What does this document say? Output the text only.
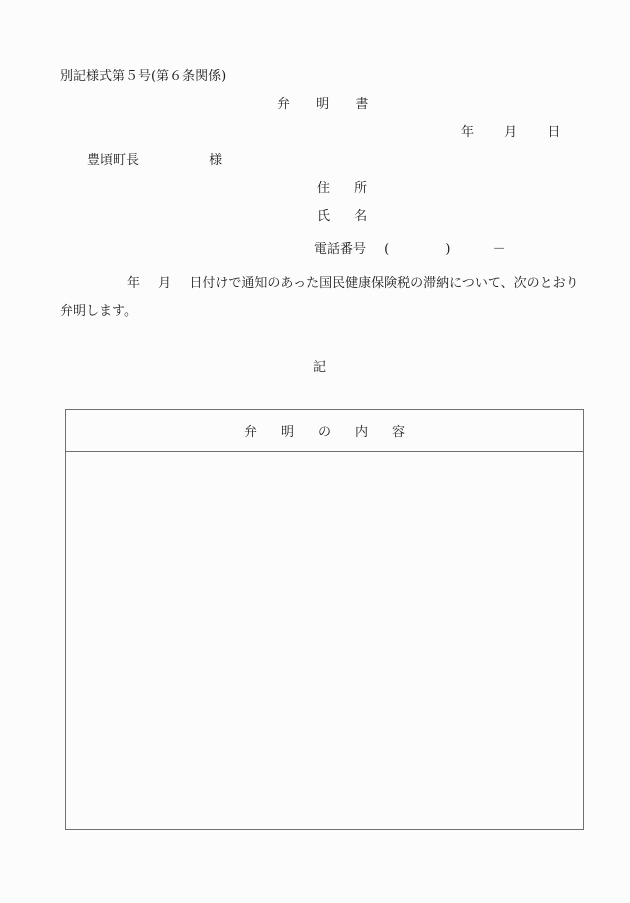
別記様式第５号(第６条関係)
弁 明 書
年 月 日
豊頃町長	様
住 所
氏 名
電話番号 (	)	－
年 月 日付けで通知のあった国民健康保険税の滞納について、次のとおり
弁明します。
記
弁	明	の	内	容
